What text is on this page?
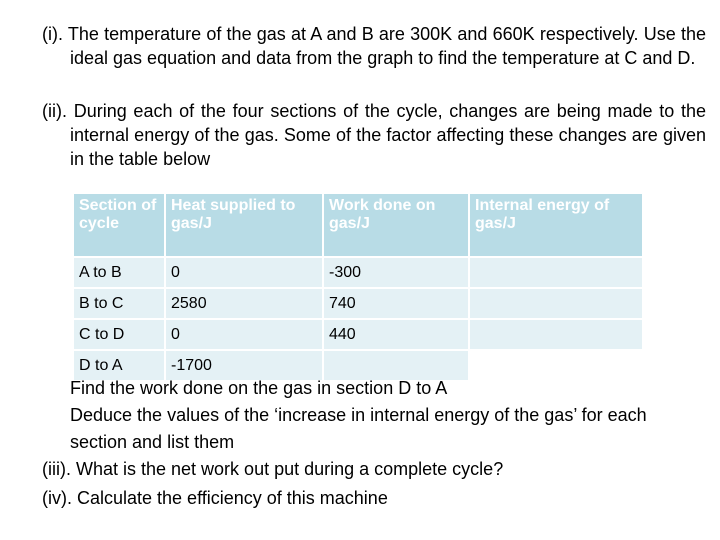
(i). The temperature of the gas at A and B are 300K and 660K respectively. Use the ideal gas equation and data from the graph to find the temperature at C and D.
(ii). During each of the four sections of the cycle, changes are being made to the internal energy of the gas. Some of the factor affecting these changes are given in the table below
Section of cycle	Heat supplied to gas/J	Work done on gas/J	Internal energy of gas/J
A to B	0	-300	
B to C	2580	740	
C to D	0	440	
D to A	-1700		
Find the work done on the gas in section D to A
Deduce the values of the ‘increase in internal energy of the gas’ for each section and list them
(iii). What is the net work out put during a complete cycle?
(iv). Calculate the efficiency of this machine
